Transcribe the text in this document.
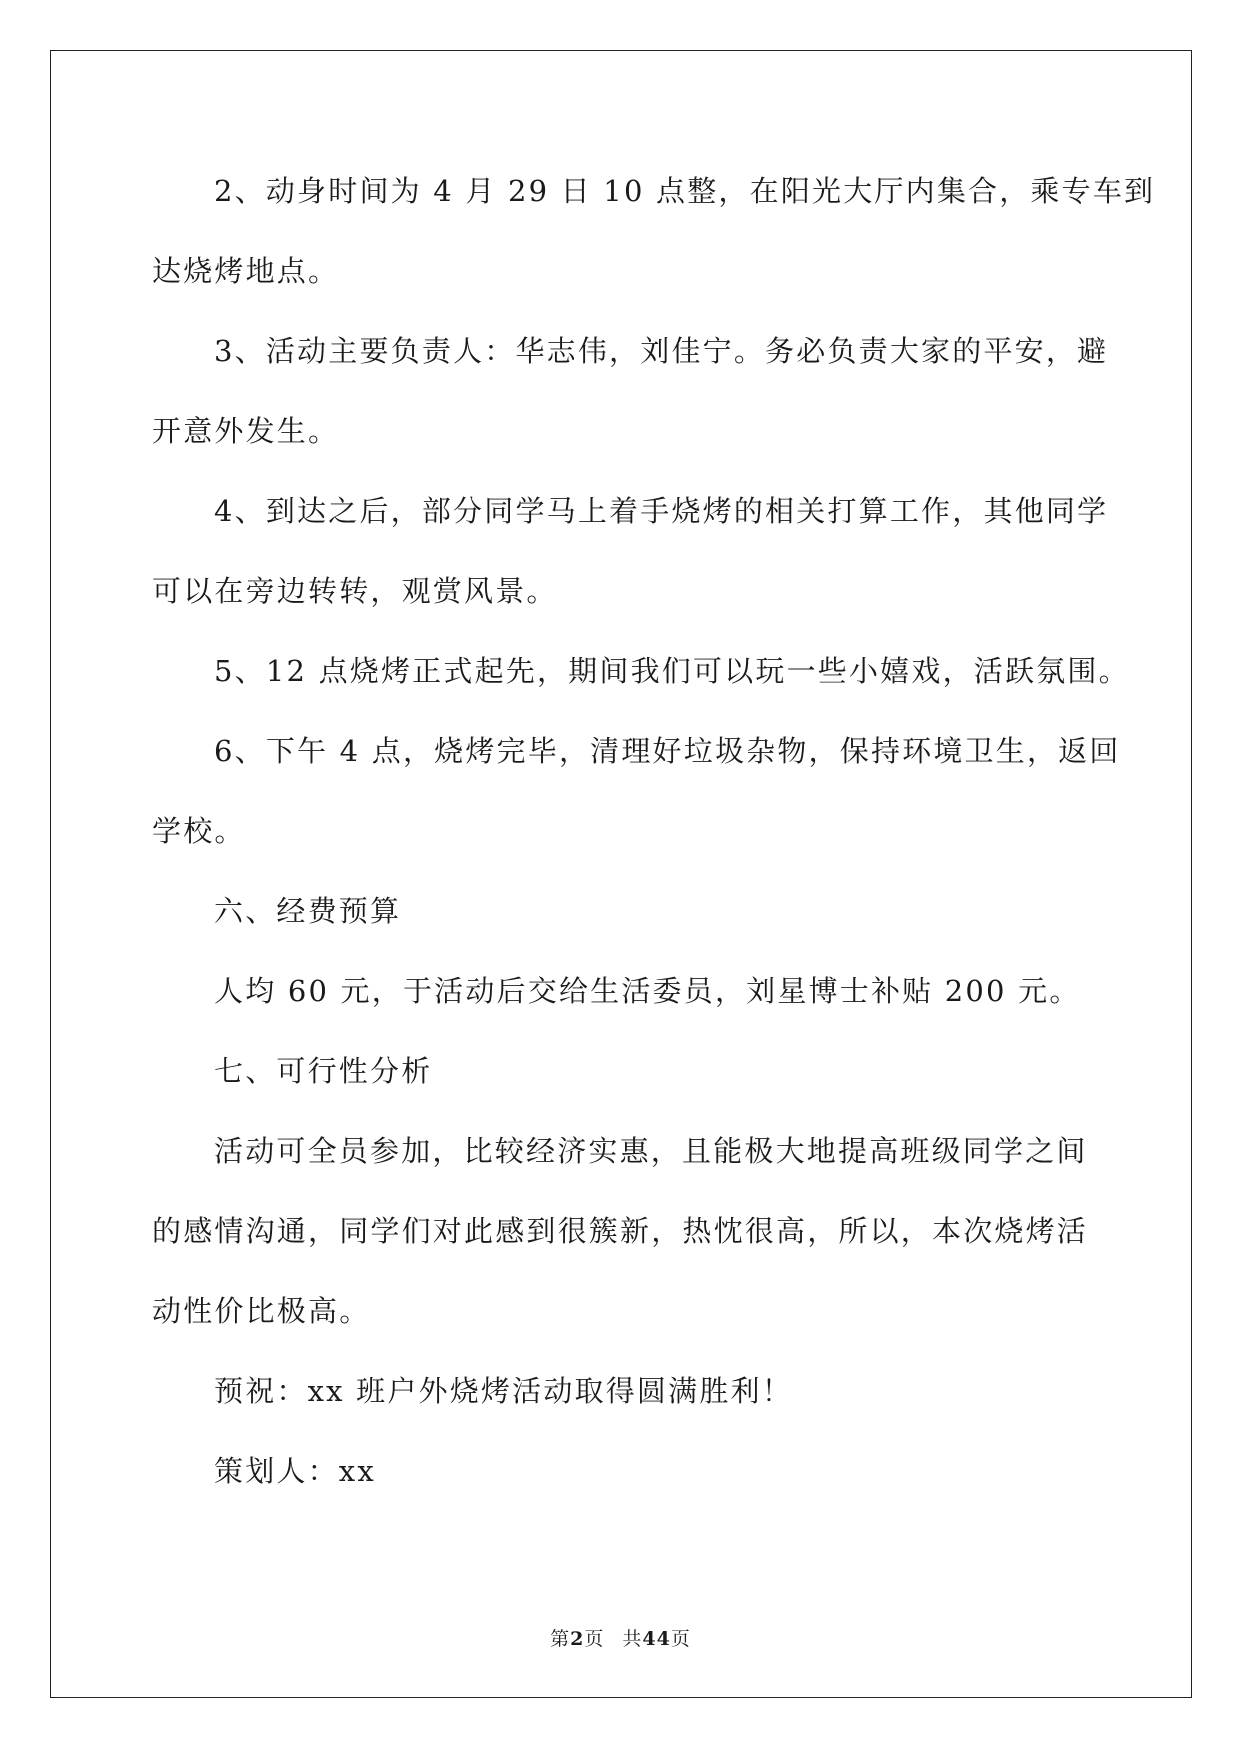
2、动身时间为 4 月 29 日 10 点整，在阳光大厅内集合，乘专车到
达烧烤地点。
3、活动主要负责人：华志伟，刘佳宁。务必负责大家的平安，避
开意外发生。
4、到达之后，部分同学马上着手烧烤的相关打算工作，其他同学
可以在旁边转转，观赏风景。
5、12 点烧烤正式起先，期间我们可以玩一些小嬉戏，活跃氛围。
6、下午 4 点，烧烤完毕，清理好垃圾杂物，保持环境卫生，返回
学校。
六、经费预算
人均 60 元，于活动后交给生活委员，刘星博士补贴 200 元。
七、可行性分析
活动可全员参加，比较经济实惠，且能极大地提高班级同学之间
的感情沟通，同学们对此感到很簇新，热忱很高，所以，本次烧烤活
动性价比极高。
预祝：xx 班户外烧烤活动取得圆满胜利！
策划人：xx
第2页 共44页
